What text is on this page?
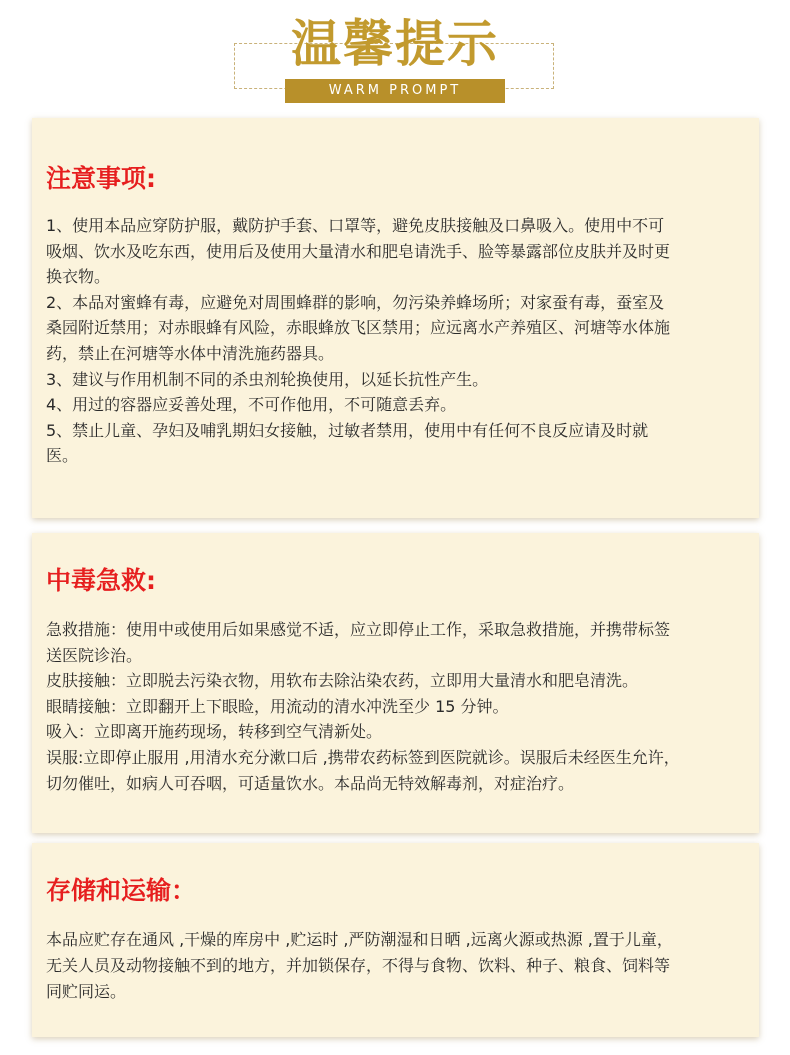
温馨提示
WARM PROMPT
注意事项:

1、使用本品应穿防护服，戴防护手套、口罩等，避免皮肤接触及口鼻吸入。使用中不可

吸烟、饮水及吃东西，使用后及使用大量清水和肥皂请洗手、脸等暴露部位皮肤并及时更

换衣物。

2、本品对蜜蜂有毒，应避免对周围蜂群的影响，勿污染养蜂场所；对家蚕有毒，蚕室及

桑园附近禁用；对赤眼蜂有风险，赤眼蜂放飞区禁用；应远离水产养殖区、河塘等水体施

药，禁止在河塘等水体中清洗施药器具。

3、建议与作用机制不同的杀虫剂轮换使用，以延长抗性产生。

4、用过的容器应妥善处理，不可作他用，不可随意丢弃。

5、禁止儿童、孕妇及哺乳期妇女接触，过敏者禁用，使用中有任何不良反应请及时就

医。

中毒急救:

急救措施：使用中或使用后如果感觉不适，应立即停止工作，采取急救措施，并携带标签

送医院诊治。

皮肤接触：立即脱去污染衣物，用软布去除沾染农药，立即用大量清水和肥皂清洗。

眼睛接触：立即翻开上下眼睑，用流动的清水冲洗至少 15 分钟。

吸入：立即离开施药现场，转移到空气清新处。

误服:立即停止服用 ,用清水充分漱口后 ,携带农药标签到医院就诊。误服后未经医生允许，

切勿催吐，如病人可吞咽，可适量饮水。本品尚无特效解毒剂，对症治疗。

存储和运输：

本品应贮存在通风 ,干燥的库房中 ,贮运时 ,严防潮湿和日晒 ,远离火源或热源 ,置于儿童，

无关人员及动物接触不到的地方，并加锁保存，不得与食物、饮料、种子、粮食、饲料等

同贮同运。
